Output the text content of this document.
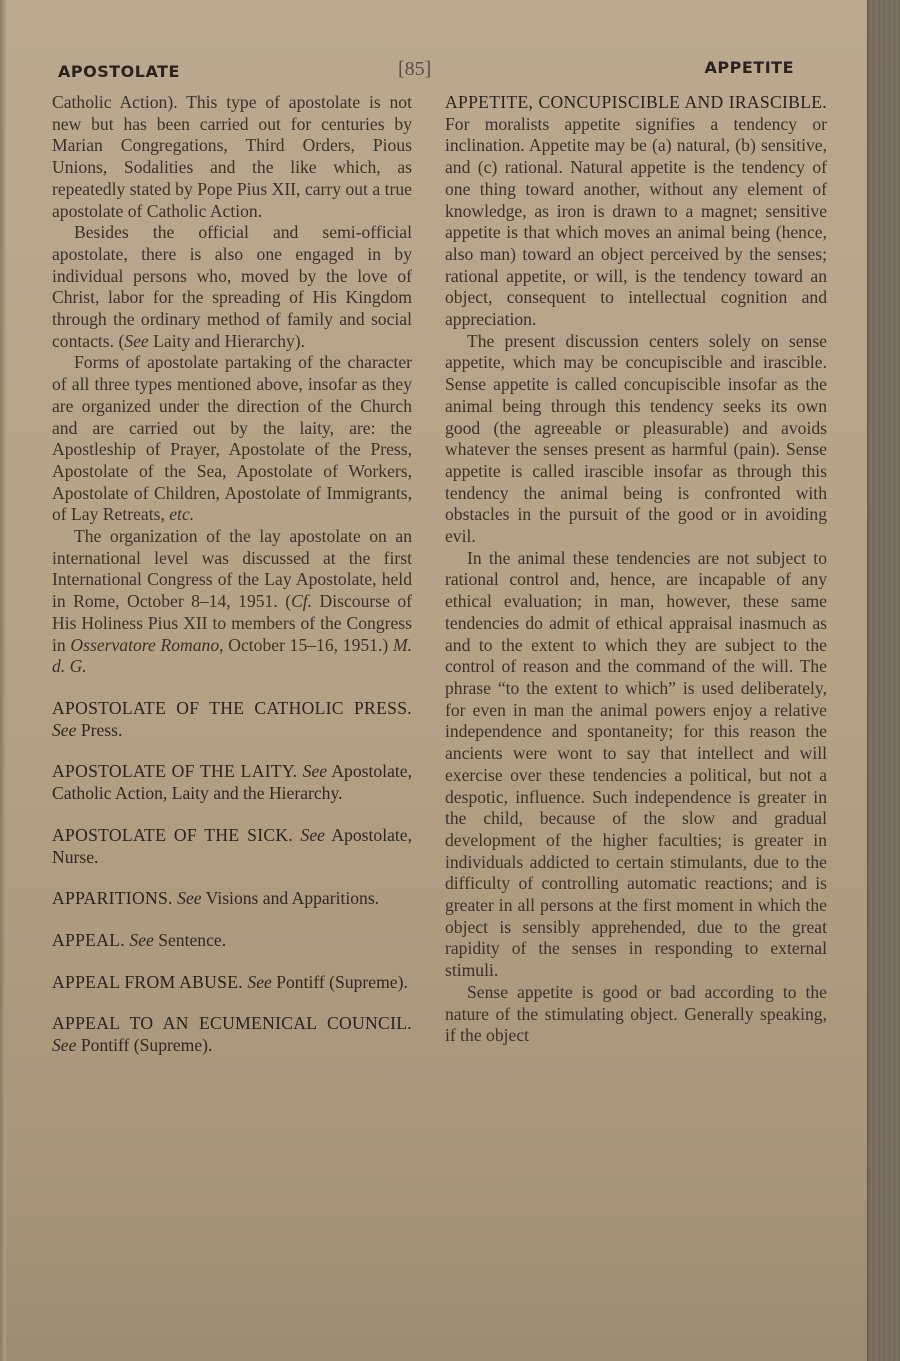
APOSTOLATE	[85]	APPETITE

Catholic Action). This type of apostolate is not new but has been carried out for centuries by Marian Congregations, Third Orders, Pious Unions, Sodalities and the like which, as repeatedly stated by Pope Pius XII, carry out a true apostolate of Catholic Action.

Besides the official and semi-official apostolate, there is also one engaged in by individual persons who, moved by the love of Christ, labor for the spreading of His Kingdom through the ordinary method of family and social contacts. (See Laity and Hierarchy).

Forms of apostolate partaking of the character of all three types mentioned above, insofar as they are organized under the direction of the Church and are carried out by the laity, are: the Apostleship of Prayer, Apostolate of the Press, Apostolate of the Sea, Apostolate of Workers, Apostolate of Children, Apostolate of Immigrants, of Lay Retreats, etc.

The organization of the lay apostolate on an international level was discussed at the first International Congress of the Lay Apostolate, held in Rome, October 8–14, 1951. (Cf. Discourse of His Holiness Pius XII to members of the Congress in Osservatore Romano, October 15–16, 1951.) M. d. G.

APOSTOLATE OF THE CATHOLIC PRESS. See Press.

APOSTOLATE OF THE LAITY. See Apostolate, Catholic Action, Laity and the Hierarchy.

APOSTOLATE OF THE SICK. See Apostolate, Nurse.

APPARITIONS. See Visions and Apparitions.

APPEAL. See Sentence.

APPEAL FROM ABUSE. See Pontiff (Supreme).

APPEAL TO AN ECUMENICAL COUNCIL. See Pontiff (Supreme).

APPETITE, CONCUPISCIBLE AND IRASCIBLE. For moralists appetite signifies a tendency or inclination. Appetite may be (a) natural, (b) sensitive, and (c) rational. Natural appetite is the tendency of one thing toward another, without any element of knowledge, as iron is drawn to a magnet; sensitive appetite is that which moves an animal being (hence, also man) toward an object perceived by the senses; rational appetite, or will, is the tendency toward an object, consequent to intellectual cognition and appreciation.

The present discussion centers solely on sense appetite, which may be concupiscible and irascible. Sense appetite is called concupiscible insofar as the animal being through this tendency seeks its own good (the agreeable or pleasurable) and avoids whatever the senses present as harmful (pain). Sense appetite is called irascible insofar as through this tendency the animal being is confronted with obstacles in the pursuit of the good or in avoiding evil.

In the animal these tendencies are not subject to rational control and, hence, are incapable of any ethical evaluation; in man, however, these same tendencies do admit of ethical appraisal inasmuch as and to the extent to which they are subject to the control of reason and the command of the will. The phrase “to the extent to which” is used deliberately, for even in man the animal powers enjoy a relative independence and spontaneity; for this reason the ancients were wont to say that intellect and will exercise over these tendencies a political, but not a despotic, influence. Such independence is greater in the child, because of the slow and gradual development of the higher faculties; is greater in individuals addicted to certain stimulants, due to the difficulty of controlling automatic reactions; and is greater in all persons at the first moment in which the object is sensibly apprehended, due to the great rapidity of the senses in responding to external stimuli.

Sense appetite is good or bad according to the nature of the stimulating object. Generally speaking, if the object
